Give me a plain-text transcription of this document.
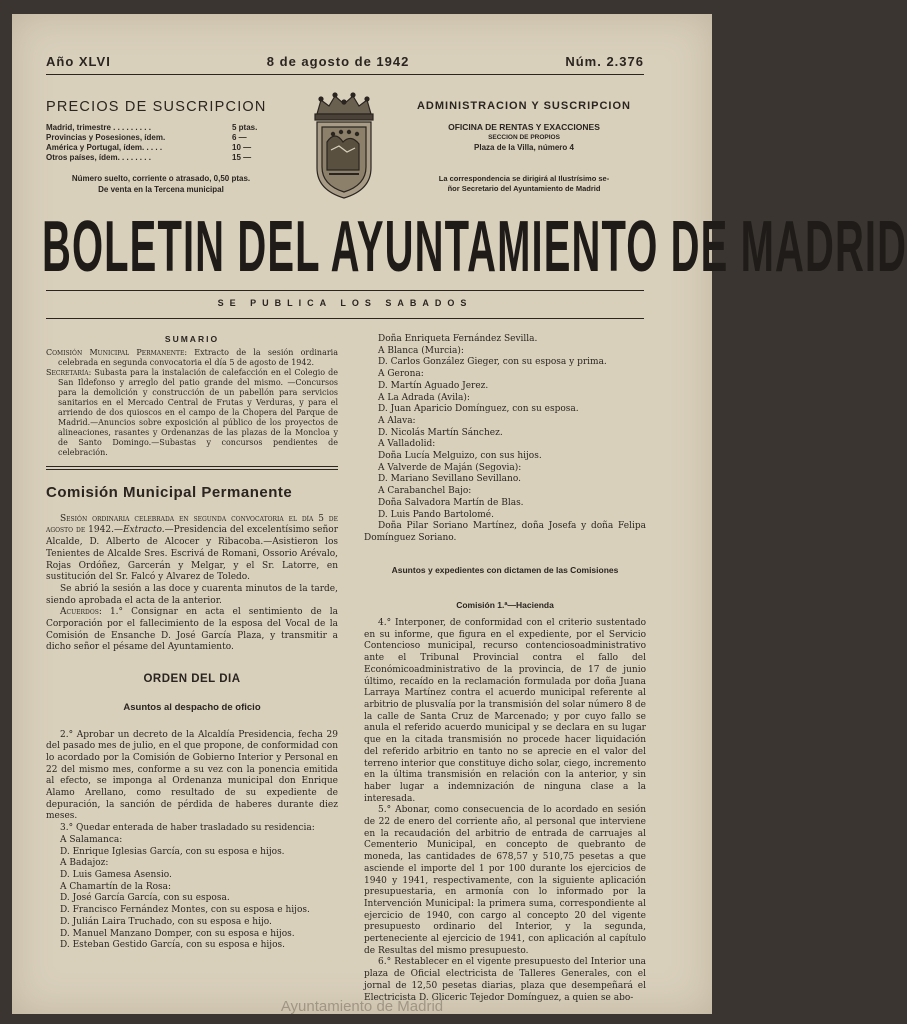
Año XLVI	8 de agosto de 1942	Núm. 2.376
PRECIOS DE SUSCRIPCION
Madrid, trimestre . . . . . . . . .	5 ptas.
Provincias y Posesiones, ídem.	6 —
América y Portugal, ídem. . . . .	10 —
Otros países, ídem. . . . . . . .	15 —
Número suelto, corriente o atrasado, 0,50 ptas.
De venta en la Tercena municipal
ADMINISTRACION Y SUSCRIPCION
OFICINA DE RENTAS Y EXACCIONES
SECCION DE PROPIOS
Plaza de la Villa, número 4
La correspondencia se dirigirá al Ilustrísimo se-
ñor Secretario del Ayuntamiento de Madrid
BOLETIN DEL AYUNTAMIENTO DE MADRID
SE PUBLICA LOS SABADOS
SUMARIO

Comisión Municipal Permanente: Extracto de la sesión ordinaria celebrada en segunda convocatoria el día 5 de agosto de 1942.

Secretaría: Subasta para la instalación de calefacción en el Colegio de San Ildefonso y arreglo del patio grande del mismo. —Concursos para la demolición y construcción de un pabellón para servicios sanitarios en el Mercado Central de Frutas y Verduras, y para el arriendo de dos quioscos en el campo de la Chopera del Parque de Madrid.—Anuncios sobre exposición al público de los proyectos de alineaciones, rasantes y Ordenanzas de las plazas de la Moncloa y de Santo Domingo.—Subastas y concursos pendientes de celebración.

Comisión Municipal Permanente

Sesión ordinaria celebrada en segunda convocatoria el día 5 de agosto de 1942.—Extracto.—Presidencia del excelentísimo señor Alcalde, D. Alberto de Alcocer y Ribacoba.—Asistieron los Tenientes de Alcalde Sres. Escrivá de Romani, Ossorio Arévalo, Rojas Ordóñez, Garcerán y Melgar, y el Sr. Latorre, en sustitución del Sr. Falcó y Alvarez de Toledo.

Se abrió la sesión a las doce y cuarenta minutos de la tarde, siendo aprobada el acta de la anterior.

Acuerdos: 1.° Consignar en acta el sentimiento de la Corporación por el fallecimiento de la esposa del Vocal de la Comisión de Ensanche D. José García Plaza, y transmitir a dicho señor el pésame del Ayuntamiento.

ORDEN DEL DIA
Asuntos al despacho de oficio

2.° Aprobar un decreto de la Alcaldía Presidencia, fecha 29 del pasado mes de julio, en el que propone, de conformidad con lo acordado por la Comisión de Gobierno Interior y Personal en 22 del mismo mes, conforme a su vez con la ponencia emitida al efecto, se imponga al Ordenanza municipal don Enrique Alamo Arellano, como resultado de su expediente de depuración, la sanción de pérdida de haberes durante diez meses.

3.° Quedar enterada de haber trasladado su residencia:

A Salamanca:
D. Enrique Iglesias García, con su esposa e hijos.
A Badajoz:
D. Luis Gamesa Asensio.
A Chamartín de la Rosa:
D. José García García, con su esposa.
D. Francisco Fernández Montes, con su esposa e hijos.
D. Julián Laira Truchado, con su esposa e hijo.
D. Manuel Manzano Domper, con su esposa e hijos.
D. Esteban Gestido García, con su esposa e hijos.
Doña Enriqueta Fernández Sevilla.
A Blanca (Murcia):
D. Carlos González Gieger, con su esposa y prima.
A Gerona:
D. Martín Aguado Jerez.
A La Adrada (Avila):
D. Juan Aparicio Domínguez, con su esposa.
A Alava:
D. Nicolás Martín Sánchez.
A Valladolid:
Doña Lucía Melguizo, con sus hijos.
A Valverde de Maján (Segovia):
D. Mariano Sevillano Sevillano.
A Carabanchel Bajo:
Doña Salvadora Martín de Blas.
D. Luis Pando Bartolomé.

Doña Pilar Soriano Martínez, doña Josefa y doña Felipa Domínguez Soriano.

Asuntos y expedientes con dictamen de las Comisiones
Comisión 1.ª—Hacienda

4.° Interponer, de conformidad con el criterio sustentado en su informe, que figura en el expediente, por el Servicio Contencioso municipal, recurso contenciosoadministrativo ante el Tribunal Provincial contra el fallo del Económicoadministrativo de la provincia, de 17 de junio último, recaído en la reclamación formulada por doña Juana Larraya Martínez contra el acuerdo municipal referente al arbitrio de plusvalía por la transmisión del solar número 8 de la calle de Santa Cruz de Marcenado; y por cuyo fallo se anula el referido acuerdo municipal y se declara en su lugar que en la citada transmisión no procede hacer liquidación del referido arbitrio en tanto no se aprecie en el valor del terreno interior que constituye dicho solar, ciego, incremento en la última transmisión en relación con la anterior, y sin haber lugar a indemnización de ninguna clase a la interesada.

5.° Abonar, como consecuencia de lo acordado en sesión de 22 de enero del corriente año, al personal que interviene en la recaudación del arbitrio de entrada de carruajes al Cementerio Municipal, en concepto de quebranto de moneda, las cantidades de 678,57 y 510,75 pesetas a que asciende el importe del 1 por 100 durante los ejercicios de 1940 y 1941, respectivamente, con la siguiente aplicación presupuestaria, en armonía con lo informado por la Intervención Municipal: la primera suma, correspondiente al ejercicio de 1940, con cargo al concepto 20 del vigente presupuesto ordinario del Interior, y la segunda, perteneciente al ejercicio de 1941, con aplicación al capítulo de Resultas del mismo presupuesto.

6.° Restablecer en el vigente presupuesto del Interior una plaza de Oficial electricista de Talleres Generales, con el jornal de 12,50 pesetas diarias, plaza que desempeñará el Electricista D. Gliceric Tejedor Domínguez, a quien se abo-

Ayuntamiento de Madrid
